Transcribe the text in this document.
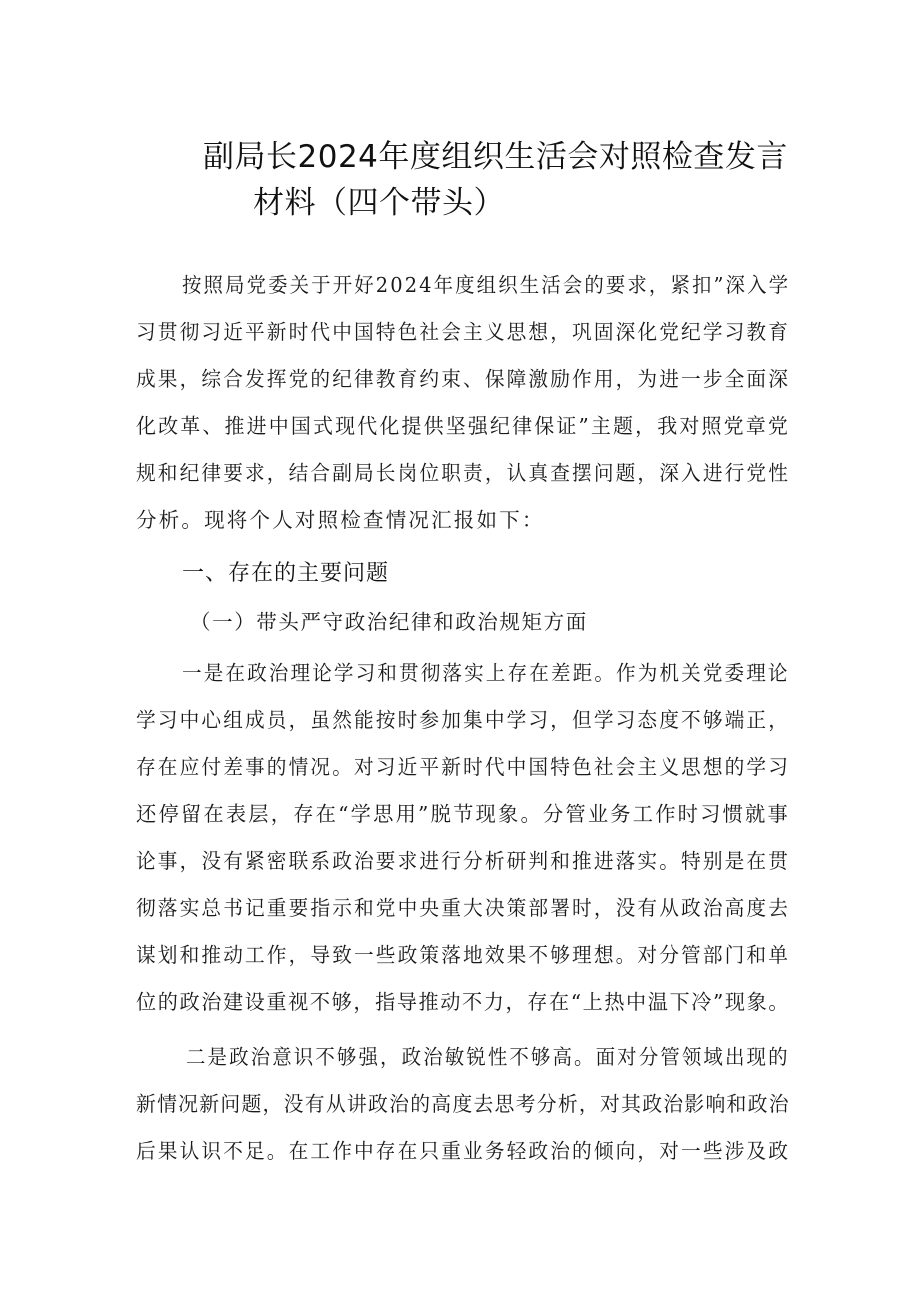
副局长2024年度组织生活会对照检查发言
材料（四个带头）
按照局党委关于开好2024年度组织生活会的要求，紧扣”深入学
习贯彻习近平新时代中国特色社会主义思想，巩固深化党纪学习教育
成果，综合发挥党的纪律教育约束、保障激励作用，为进一步全面深
化改革、推进中国式现代化提供坚强纪律保证”主题，我对照党章党
规和纪律要求，结合副局长岗位职责，认真查摆问题，深入进行党性
分析。现将个人对照检查情况汇报如下：
一、存在的主要问题
（一）带头严守政治纪律和政治规矩方面
一是在政治理论学习和贯彻落实上存在差距。作为机关党委理论
学习中心组成员，虽然能按时参加集中学习，但学习态度不够端正，
存在应付差事的情况。对习近平新时代中国特色社会主义思想的学习
还停留在表层，存在“学思用”脱节现象。分管业务工作时习惯就事
论事，没有紧密联系政治要求进行分析研判和推进落实。特别是在贯
彻落实总书记重要指示和党中央重大决策部署时，没有从政治高度去
谋划和推动工作，导致一些政策落地效果不够理想。对分管部门和单
位的政治建设重视不够，指导推动不力，存在“上热中温下冷”现象。
二是政治意识不够强，政治敏锐性不够高。面对分管领域出现的
新情况新问题，没有从讲政治的高度去思考分析，对其政治影响和政治
后果认识不足。在工作中存在只重业务轻政治的倾向，对一些涉及政
